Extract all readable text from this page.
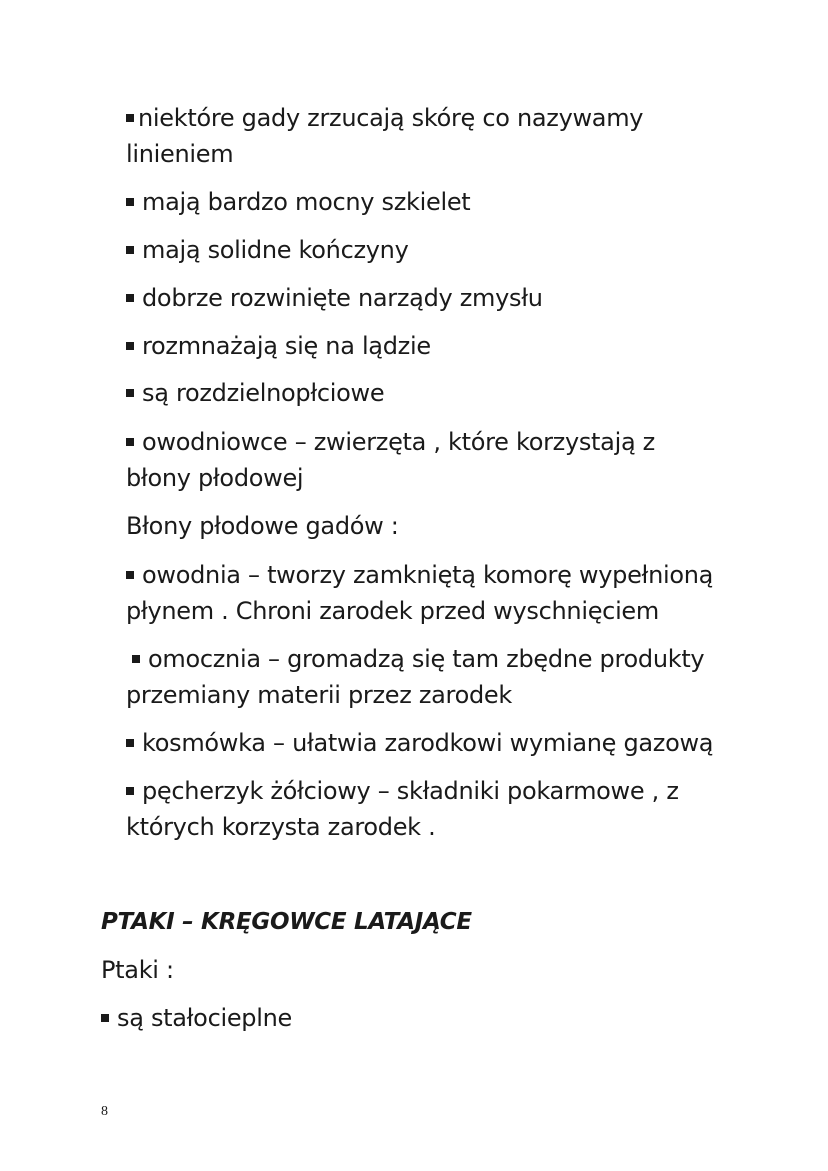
niektóre gady zrzucają skórę co nazywamy
linieniem
mają bardzo mocny szkielet
mają solidne kończyny
dobrze rozwinięte narządy zmysłu
rozmnażają się na lądzie
są rozdzielnopłciowe
owodniowce – zwierzęta , które korzystają z
błony płodowej
Błony płodowe gadów :
owodnia – tworzy zamkniętą komorę wypełnioną
płynem . Chroni zarodek przed wyschnięciem
omocznia – gromadzą się tam zbędne produkty
przemiany materii przez zarodek
kosmówka – ułatwia zarodkowi wymianę gazową
pęcherzyk żółciowy – składniki pokarmowe , z
których korzysta zarodek .
PTAKI – KRĘGOWCE LATAJĄCE
Ptaki :
są stałocieplne
8
